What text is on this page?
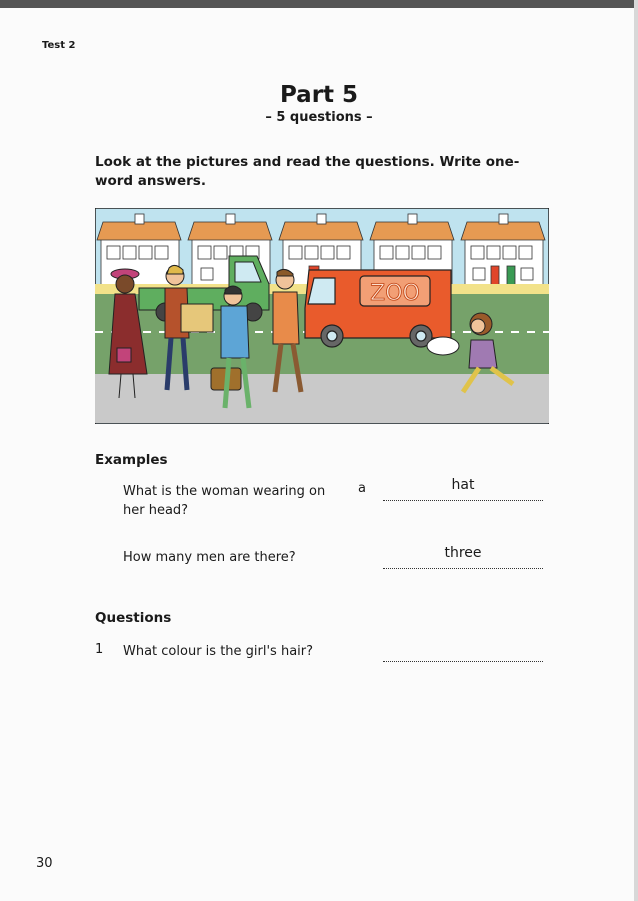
Test 2
Part 5
– 5 questions –
Look at the pictures and read the questions. Write one-word answers.
ZOO
Examples
What is the woman wearing on her head?
a	hat
How many men are there?	three
Questions
1 What colour is the girl's hair?
30
